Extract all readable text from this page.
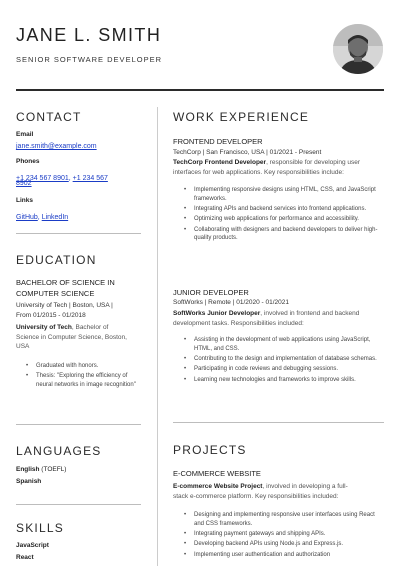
JANE L. SMITH
SENIOR SOFTWARE DEVELOPER
CONTACT
Email
jane.smith@example.com
Phones
+1 234 567 8901, +1 234 567
8902
Links
GitHub, LinkedIn
EDUCATION
BACHELOR OF SCIENCE IN
COMPUTER SCIENCE
University of Tech | Boston, USA |
From 01/2015 - 01/2018
University of Tech, Bachelor of
Science in Computer Science, Boston,
USA
• Graduated with honors.
• Thesis: "Exploring the efficiency of neural networks in image recognition"
LANGUAGES
English (TOEFL)
Spanish
SKILLS
JavaScript
React
WORK EXPERIENCE
FRONTEND DEVELOPER
TechCorp | San Francisco, USA | 01/2021 - Present
TechCorp Frontend Developer, responsible for developing user
interfaces for web applications. Key responsibilities include:
• Implementing responsive designs using HTML, CSS, and JavaScript frameworks.
• Integrating APIs and backend services into frontend applications.
• Optimizing web applications for performance and accessibility.
• Collaborating with designers and backend developers to deliver high-quality products.
JUNIOR DEVELOPER
SoftWorks | Remote | 01/2020 - 01/2021
SoftWorks Junior Developer, involved in frontend and backend
development tasks. Responsibilities included:
• Assisting in the development of web applications using JavaScript, HTML, and CSS.
• Contributing to the design and implementation of database schemas.
• Participating in code reviews and debugging sessions.
• Learning new technologies and frameworks to improve skills.
PROJECTS
E-COMMERCE WEBSITE
E-commerce Website Project, involved in developing a full-
stack e-commerce platform. Key responsibilities included:
• Designing and implementing responsive user interfaces using React and CSS frameworks.
• Integrating payment gateways and shipping APIs.
• Developing backend APIs using Node.js and Express.js.
• Implementing user authentication and authorization
